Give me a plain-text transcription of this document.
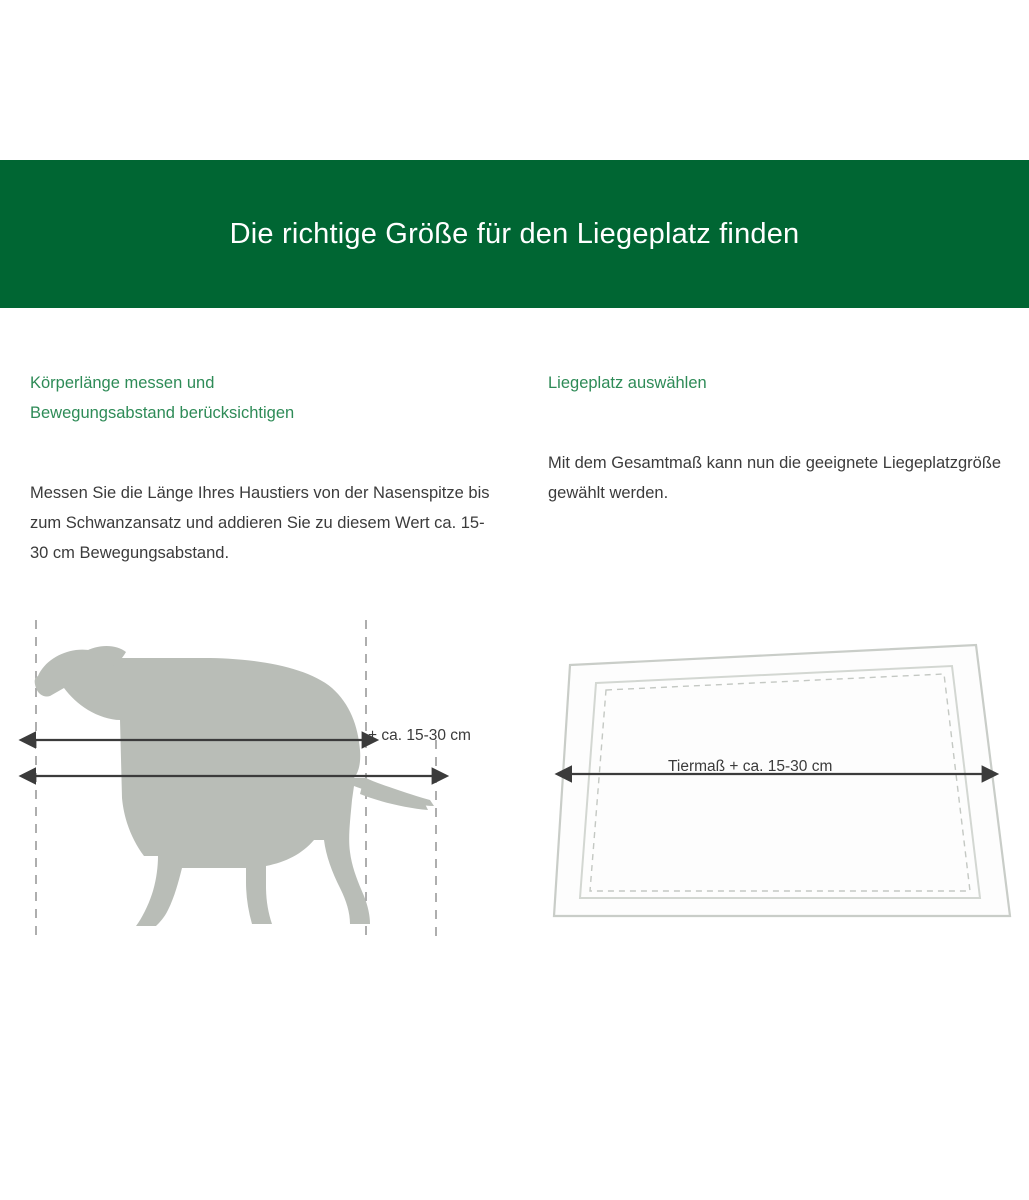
Die richtige Größe für den Liegeplatz finden
Körperlänge messen und
Bewegungsabstand berücksichtigen
Messen Sie die Länge Ihres Haustiers von der Nasenspitze bis zum Schwanzansatz und addieren Sie zu diesem Wert ca. 15-30 cm Bewegungsabstand.
Liegeplatz auswählen
Mit dem Gesamtmaß kann nun die geeignete Liegeplatzgröße gewählt werden.
+ ca. 15-30 cm
Tiermaß + ca. 15-30 cm
